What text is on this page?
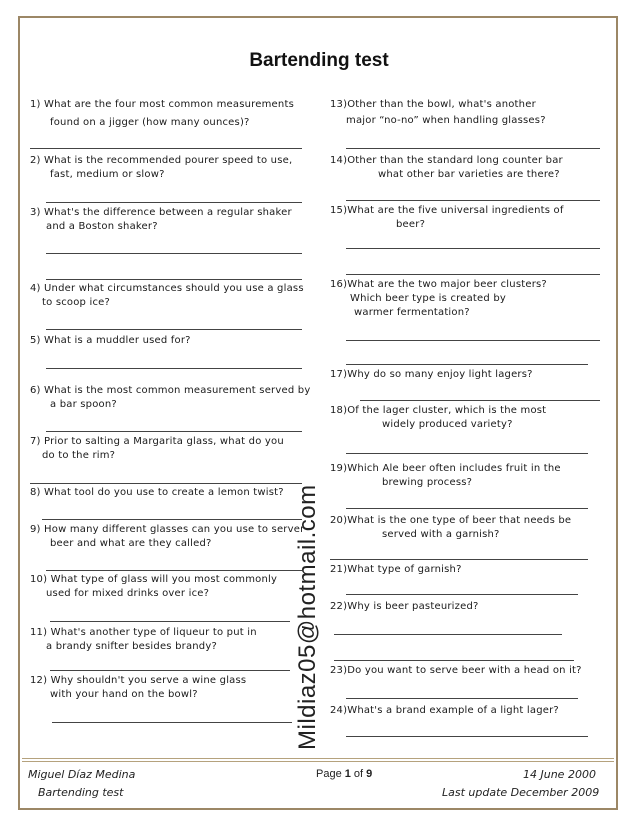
Bartending test
1) What are the four most common measurements
found on a jigger (how many ounces)?
2) What is the recommended pourer speed to use,
fast, medium or slow?
3) What's the difference between a regular shaker
and a Boston shaker?
4) Under what circumstances should you use a glass
to scoop ice?
5) What is a muddler used for?
6) What is the most common measurement served by
a bar spoon?
7) Prior to salting a Margarita glass, what do you
do to the rim?
8) What tool do you use to create a lemon twist?
9) How many different glasses can you use to server
beer and what are they called?
10) What type of glass will you most commonly
used for mixed drinks over ice?
11) What's another type of liqueur to put in
a brandy snifter besides brandy?
12) Why shouldn't you serve a wine glass
with your hand on the bowl?
13)Other than the bowl, what's another
major “no-no” when handling glasses?
14)Other than the standard long counter bar
what other bar varieties are there?
15)What are the five universal ingredients of
beer?
16)What are the two major beer clusters?
Which beer type is created by
warmer fermentation?
17)Why do so many enjoy light lagers?
18)Of the lager cluster, which is the most
widely produced variety?
19)Which Ale beer often includes fruit in the
brewing process?
20)What is the one type of beer that needs be
served with a garnish?
21)What type of garnish?
22)Why is beer pasteurized?
23)Do you want to serve beer with a head on it?
24)What's a brand example of a light lager?
Mildiaz05@hotmail.com
Miguel Díaz Medina
Bartending test
Page 1 of 9	14 June 2000
Last update December 2009
